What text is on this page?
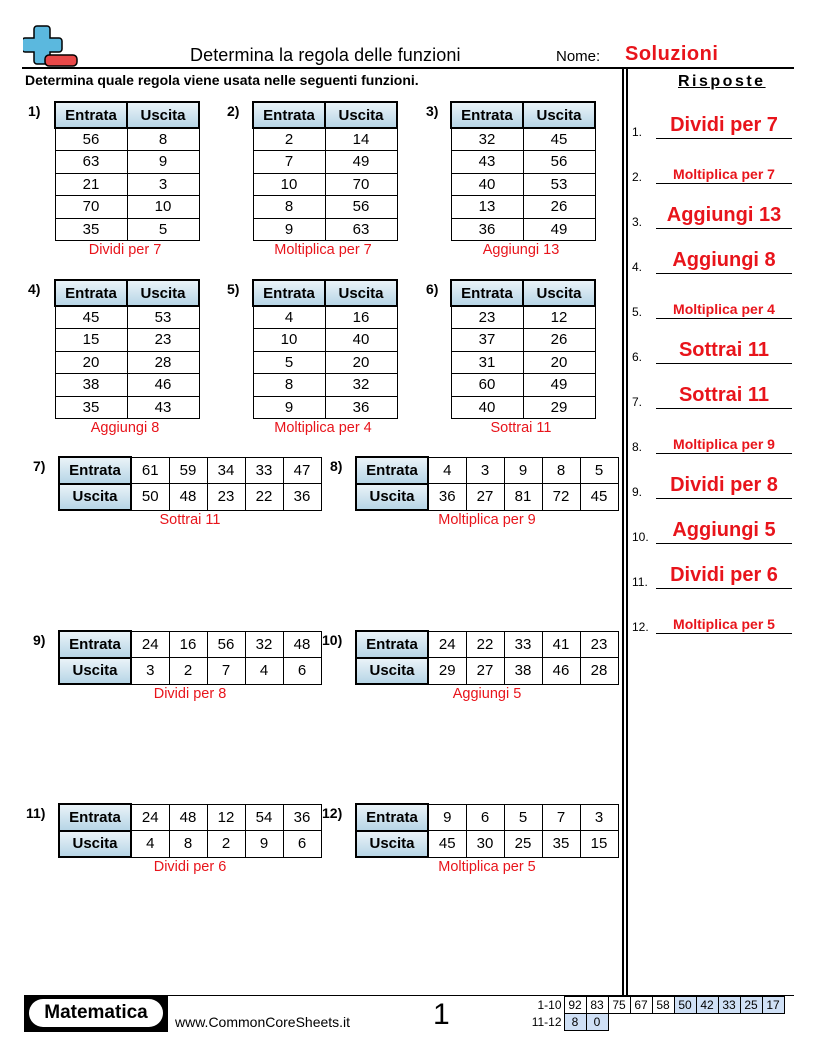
Determina la regola delle funzioni	Nome: Soluzioni
Determina quale regola viene usata nelle seguenti funzioni.
1) Entrata	Uscita
56	8
63	9
21	3
70	10
35	5
Dividi per 7
2) Entrata	Uscita
2	14
7	49
10	70
8	56
9	63
Moltiplica per 7
3) Entrata	Uscita
32	45
43	56
40	53
13	26
36	49
Aggiungi 13
4) Entrata	Uscita
45	53
15	23
20	28
38	46
35	43
Aggiungi 8
5) Entrata	Uscita
4	16
10	40
5	20
8	32
9	36
Moltiplica per 4
6) Entrata	Uscita
23	12
37	26
31	20
60	49
40	29
Sottrai 11
7) Entrata	61	59	34	33	47
Uscita	50	48	23	22	36
Sottrai 11
8) Entrata	4	3	9	8	5
Uscita	36	27	81	72	45
Moltiplica per 9
9) Entrata	24	16	56	32	48
Uscita	3	2	7	4	6
Dividi per 8
10) Entrata	24	22	33	41	23
Uscita	29	27	38	46	28
Aggiungi 5
11) Entrata	24	48	12	54	36
Uscita	4	8	2	9	6
Dividi per 6
12) Entrata	9	6	5	7	3
Uscita	45	30	25	35	15
Moltiplica per 5
Risposte
1.	Dividi per 7
2.	Moltiplica per 7
3.	Aggiungi 13
4.	Aggiungi 8
5.	Moltiplica per 4
6.	Sottrai 11
7.	Sottrai 11
8.	Moltiplica per 9
9.	Dividi per 8
10.	Aggiungi 5
11.	Dividi per 6
12.	Moltiplica per 5
Matematica	www.CommonCoreSheets.it	1	1-10	92	83	75	67	58	50	42	33	25	17
11-12	8	0								
